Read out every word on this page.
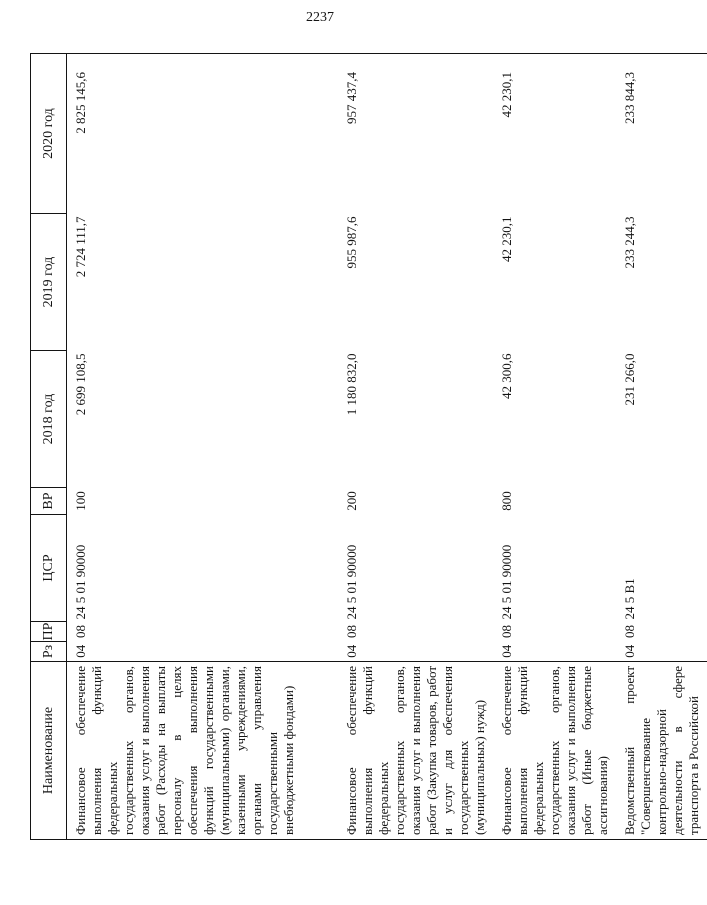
2237
Наименование	Рз	ПР	ЦСР	ВР	2018 год	2019 год	2020 год
Финансовое обеспечение выполнения функций федеральных государственных органов, оказания услуг и выполнения работ (Расходы на выплаты персоналу в целях обеспечения выполнения функций государственными (муниципальными) органами, казенными учреждениями, органами управления государственными внебюджетными фондами)	04	08	24 5 01 90000	100	2 699 108,5	2 724 111,7	2 825 145,6
Финансовое обеспечение выполнения функций федеральных государственных органов, оказания услуг и выполнения работ (Закупка товаров, работ и услуг для обеспечения государственных (муниципальных) нужд)	04	08	24 5 01 90000	200	1 180 832,0	955 987,6	957 437,4
Финансовое обеспечение выполнения функций федеральных государственных органов, оказания услуг и выполнения работ (Иные бюджетные ассигнования)	04	08	24 5 01 90000	800	42 300,6	42 230,1	42 230,1
Ведомственный проект "Совершенствование контрольно-надзорной деятельности в сфере транспорта в Российской	04	08	24 5 В1		231 266,0	233 244,3	233 844,3
